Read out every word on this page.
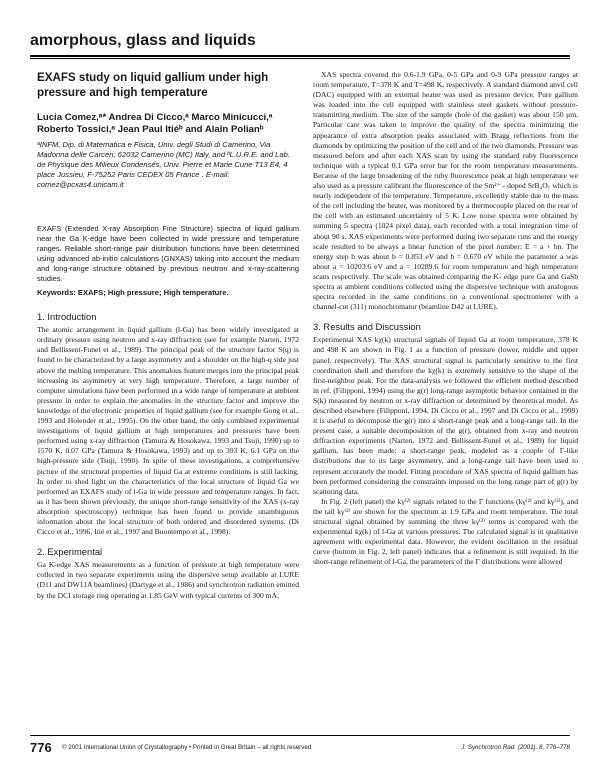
amorphous, glass and liquids
EXAFS study on liquid gallium under high pressure and high temperature
Lucia Comez,ᵃ* Andrea Di Cicco,ᵃ Marco Minicucci,ᵃ Roberto Tossici,ᵃ Jean Paul Itiéᵇ and Alain Polianᵇ
ᵃINFM, Dip. di Matematica e Fisica, Univ. degli Studi di Camerino, Via Madonna delle Carceri, 62032 Camerino (MC) Italy, and ᵇL.U.R.E. and Lab. de Physique des Milieux Condensés, Univ. Pierre et Marie Curie T13 E4, 4 place Jussieu, F-75252 Paris CEDEX 05 France . E-mail: comez@pcxas4.unicam.it

EXAFS (Extended X-ray Absorption Fine Structure) spectra of liquid gallium near the Ga K-edge have been collected in wide pressure and temperature ranges. Reliable short-range pair distribution functions have been determined using advanced ab-initio calculations (GNXAS) taking into account the medium and long-range structure obtained by previous neutron and x-ray-scattering studies.

Keywords: EXAFS; High pressure; High temperature.
1. Introduction

The atomic arrangement in liquid gallium (l-Ga) has been widely investigated at ordinary pressure using neutron and x-ray diffraction (see for example Narten, 1972 and Bellissent-Funel et al., 1989). The principal peak of the structure factor S(q) is found to be characterized by a large asymmetry and a shoulder on the high-q side just above the melting temperature. This anomalous feature merges into the principal peak increasing its asymmetry at very high temperature. Therefore, a large number of computer simulations have been performed in a wide range of temperature at ambient pressure in order to explain the anomalies in the structure factor and improve the knowledge of the electronic properties of liquid gallium (see for example Gong et al., 1993 and Holender et al., 1995). On the other hand, the only combined experimental investigations of liquid gallium at high temperatures and pressures have been performed using x-ray diffraction (Tamura & Hosokawa, 1993 and Tsuji, 1990) up to 1570 K, 0.07 GPa (Tamura & Hosokawa, 1993) and up to 393 K, 6.1 GPa on the high-pressure side (Tsuji, 1990). In spite of these investigations, a comprehensive picture of the structural properties of liquid Ga at extreme conditions is still lacking. In order to shed light on the characteristics of the local structure of liquid Ga we performed an EXAFS study of l-Ga in wide pressure and temperature ranges. In fact, as it has been shown previously, the unique short-range sensitivity of the XAS (x-ray absorption spectroscopy) technique has been found to provide unambiguous information about the local structure of both ordered and disordered systems. (Di Cicco et al., 1996, Itié et al., 1997 and Buontempo et al., 1998).

2. Experimental

Ga K-edge XAS measurements as a function of pressure at high temperature were collected in two separate experiments using the dispersive setup available at LURE (D11 and DW11A beamlines) (Dartyge et al., 1986) and synchrotron radiation emitted by the DCI storage ring operating at 1.85 GeV with typical currents of 300 mA.

XAS spectra covered the 0.6-1.9 GPa, 0-5 GPa and 0-9 GPa pressure ranges at room temperature, T=378 K and T=498 K, respectively. A standard diamond anvil cell (DAC) equipped with an external heater was used as pressure device. Pure gallium was loaded into the cell equipped with stainless steel gaskets without pressure-transmitting medium. The size of the sample (hole of the gasket) was about 150 μm. Particular care was taken to improve the quality of the spectra minimizing the appearance of extra absorption peaks associated with Bragg reflections from the diamonds by optimizing the position of the cell and of the two diamonds. Pressure was measured before and after each XAS scan by using the standard ruby fluorescence technique with a typical 0.1 GPa error bar for the room temperature measurements. Because of the large broadening of the ruby fluorescence peak at high temperature we also used as a pressure calibrant the fluorescence of the Sm²⁺ - doped SrB₄O₇ which is nearly independent of the temperature. Temperature, excellently stable due to the mass of the cell including the heater, was monitored by a thermocouple placed on the rear of the cell with an estimated uncertainty of 5 K. Low noise spectra were obtained by summing 5 spectra (1024 pixel data), each recorded with a total integration time of about 90 s. XAS experiments were performed during two separate runs and the energy scale resulted to be always a linear function of the pixel number: E = a + bn. The energy step b was about b = 0.853 eV and b = 0.670 eV while the parameter a was about a = 10203.6 eV and a = 10289.6 for room temperature and high temperature scans respectively. The scale was obtained comparing the K- edge pure Ga and GaSb spectra at ambient conditions collected using the dispersive technique with analogous spectra recorded in the same conditions on a conventional spectrometer with a channel-cut (311) monochromator (beamline D42 at LURE).

3. Results and Discussion

Experimental XAS kχ(k) structural signals of liquid Ga at room temperature, 378 K and 498 K are shown in Fig. 1 as a function of pressure (lower, middle and upper panel, respectively). The XAS structural signal is particularly sensitive to the first coordination shell and therefore the kχ(k) is extremely sensitive to the shape of the first-neighbor peak. For the data-analysis we followed the efficient method described in ref. (Filipponi, 1994) using the g(r) long-range asymptotic behavior contained in the S(k) measured by neutron or x-ray diffraction or determined by theoretical model. As described elsewhere (Filipponi, 1994, Di Cicco et al., 1997 and Di Cicco et al., 1999) it is useful to decompose the g(r) into a short-range peak and a long-range tail. In the present case, a suitable decomposition of the g(r), obtained from x-ray and neutron diffraction experiments (Narten, 1972 and Bellissent-Funel et al., 1989) for liquid gallium, has been made: a short-range peak, modeled as a couple of Γ-like distributions due to its large asymmetry, and a long-range tail have been used to represent accurately the model. Fitting procedure of XAS spectra of liquid gallium has been performed considering the constraints imposed on the long range part of g(r) by scattering data.

In Fig. 2 (left panel) the kγ⁽²⁾ signals related to the Γ functions (kγ⁽²⁾ and kγ⁽²⁾), and the tail kγ⁽²⁾ are shown for the spectrum at 1.9 GPa and room temperature. The total structural signal obtained by summing the three kγ⁽²⁾ terms is compared with the experimental kχ(k) of l-Ga at various pressures. The calculated signal is in qualitative agreement with experimental data. However, the evident oscillation in the residual curve (bottom in Fig. 2, left panel) indicates that a refinement is still required. In the short-range refinement of l-Ga, the parameters of the Γ distributions were allowed

776 © 2001 International Union of Crystallography • Printed in Great Britain – all rights reserved	J. Synchrotron Rad. (2001). 8, 776–778
